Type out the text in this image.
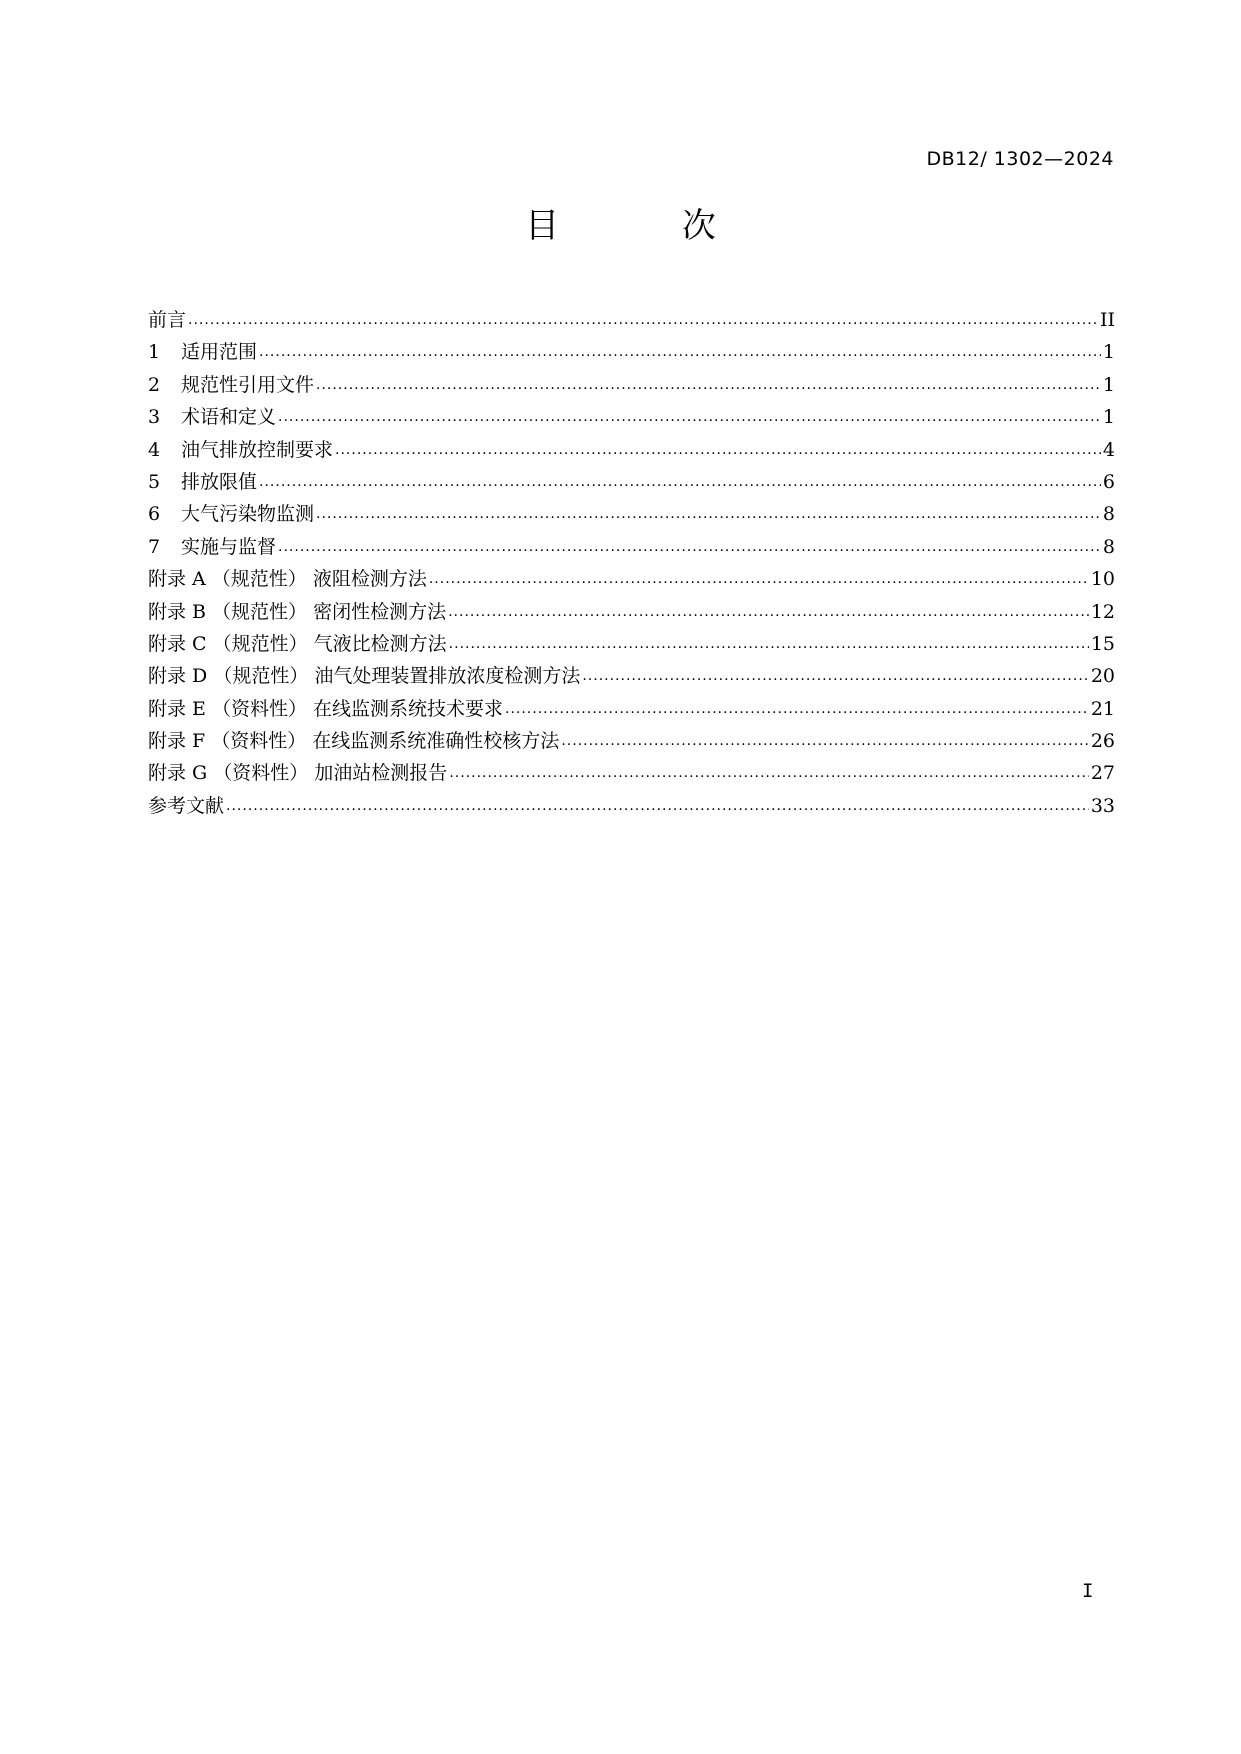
DB12/ 1302—2024
目 次
前言 .....	II
1	适用范围 .....	1
2	规范性引用文件 .....	1
3	术语和定义 .....	1
4	油气排放控制要求 .....	4
5	排放限值 .....	6
6	大气污染物监测 .....	8
7	实施与监督 .....	8
附录 A （规范性） 液阻检测方法 .....	10
附录 B （规范性） 密闭性检测方法 .....	12
附录 C （规范性） 气液比检测方法 .....	15
附录 D （规范性） 油气处理装置排放浓度检测方法 .....	20
附录 E （资料性） 在线监测系统技术要求 .....	21
附录 F （资料性） 在线监测系统准确性校核方法 .....	26
附录 G （资料性） 加油站检测报告 .....	27
参考文献 .....	33
I
